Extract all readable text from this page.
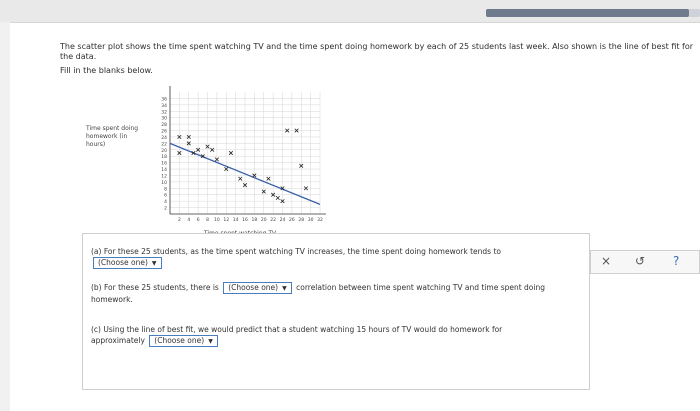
The scatter plot shows the time spent watching TV and the time spent doing homework by each of 25 students last week. Also shown is the line of best fit for the data.
Fill in the blanks below.
Time spent doing homework (in hours)
2
4
6
8
10
12
14
16
18
20
22
24
26
28
30
32
34
36
2 4 6 8 10 12 14 16 18 20 22 24 26 28 30 32
(a) For these 25 students, as the time spent watching TV increases, the time spent doing homework tends to
(Choose one) ▼
(b) For these 25 students, there is (Choose one) ▼ correlation between time spent watching TV and time spent doing
homework.
(c) Using the line of best fit, we would predict that a student watching 15 hours of TV would do homework for
approximately (Choose one) ▼
× ↺ ?
